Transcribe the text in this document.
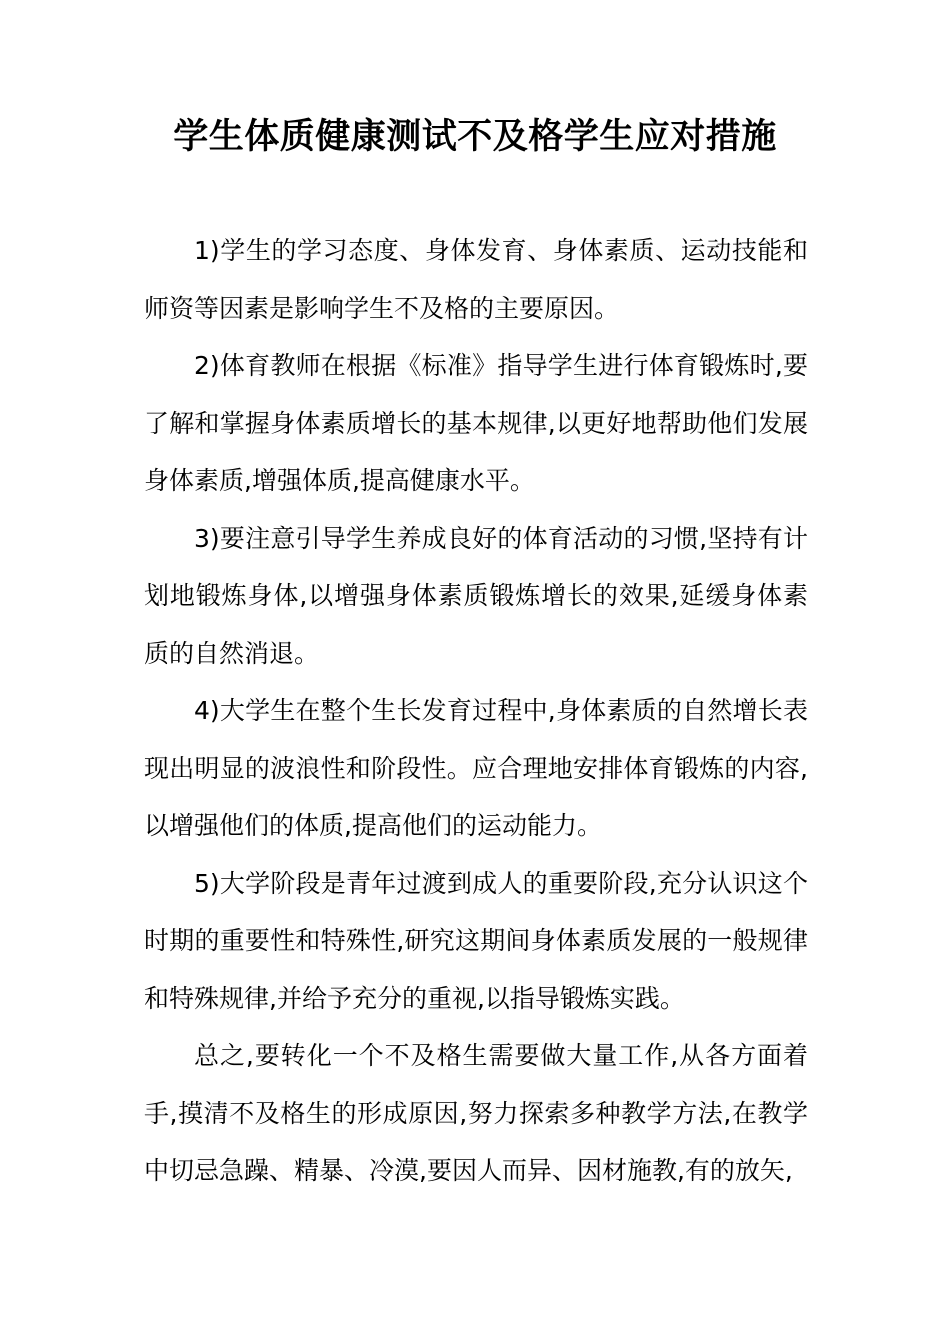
学生体质健康测试不及格学生应对措施

1)学生的学习态度、身体发育、身体素质、运动技能和师资等因素是影响学生不及格的主要原因。

2)体育教师在根据《标准》指导学生进行体育锻炼时,要了解和掌握身体素质增长的基本规律,以更好地帮助他们发展身体素质,增强体质,提高健康水平。

3)要注意引导学生养成良好的体育活动的习惯,坚持有计划地锻炼身体,以增强身体素质锻炼增长的效果,延缓身体素质的自然消退。

4)大学生在整个生长发育过程中,身体素质的自然增长表现出明显的波浪性和阶段性。应合理地安排体育锻炼的内容,以增强他们的体质,提高他们的运动能力。

5)大学阶段是青年过渡到成人的重要阶段,充分认识这个时期的重要性和特殊性,研究这期间身体素质发展的一般规律和特殊规律,并给予充分的重视,以指导锻炼实践。

总之,要转化一个不及格生需要做大量工作,从各方面着手,摸清不及格生的形成原因,努力探索多种教学方法,在教学中切忌急躁、精暴、冷漠,要因人而异、因材施教,有的放矢,
